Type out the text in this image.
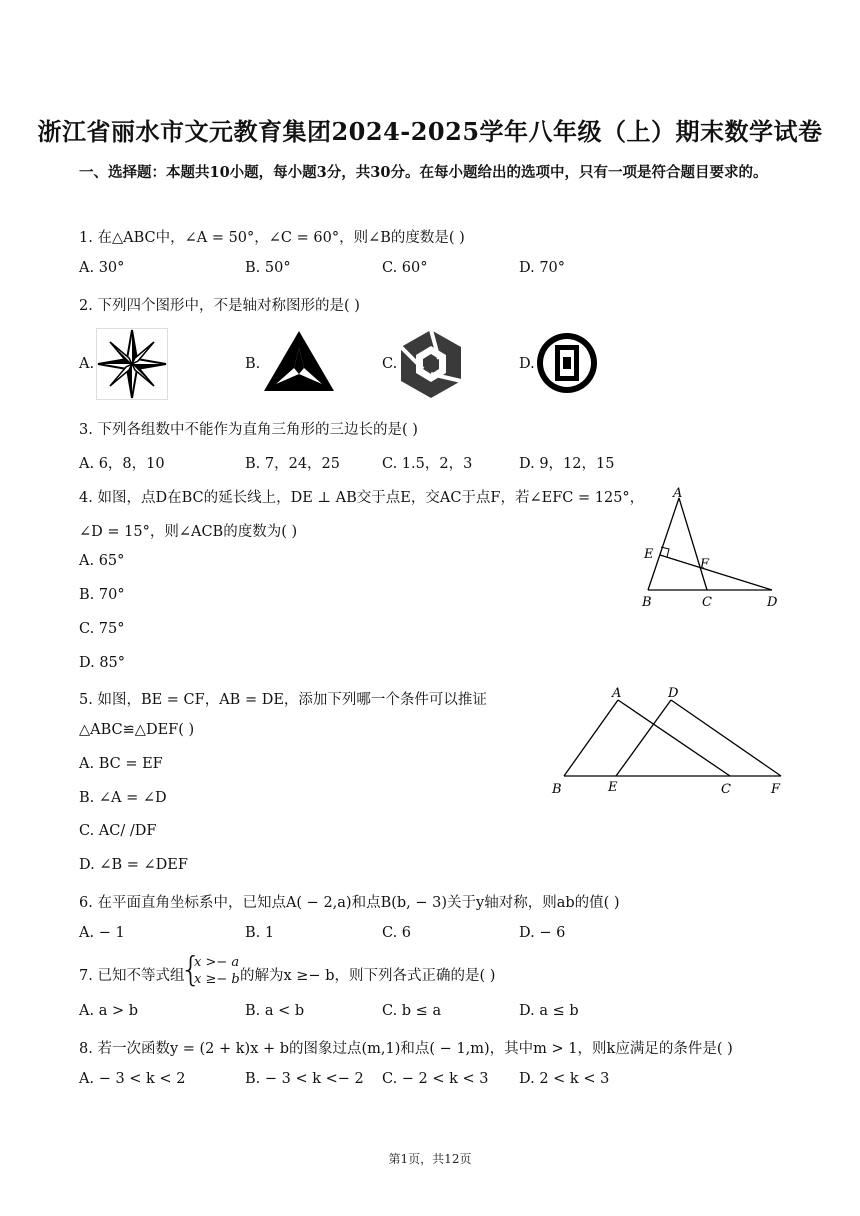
浙江省丽水市文元教育集团2024-2025学年八年级（上）期末数学试卷
一、选择题：本题共10小题，每小题3分，共30分。在每小题给出的选项中，只有一项是符合题目要求的。
1. 在△ABC中，∠A = 50°，∠C = 60°，则∠B的度数是( )
A. 30°	B. 50°	C. 60°	D. 70°
2. 下列四个图形中，不是轴对称图形的是( )
A.	B.	C.	D.
3. 下列各组数中不能作为直角三角形的三边长的是( )
A. 6，8，10	B. 7，24，25	C. 1.5，2，3	D. 9，12，15
4. 如图，点D在BC的延长线上，DE ⊥ AB交于点E，交AC于点F，若∠EFC = 125°，
∠D = 15°，则∠ACB的度数为( )
A. 65°
B. 70°
C. 75°
D. 85°
A
E
F
B	C	D
5. 如图，BE = CF，AB = DE，添加下列哪一个条件可以推证
△ABC≌△DEF( )
A. BC = EF
B. ∠A = ∠D
C. AC/ /DF
D. ∠B = ∠DEF
A	D
B	E	C	F
6. 在平面直角坐标系中，已知点A( − 2,a)和点B(b, − 3)关于y轴对称，则ab的值( )
A. − 1	B. 1	C. 6	D. − 6
7. 已知不等式组
{
x >− a
x ≥− b 的解为x ≥− b，则下列各式正确的是( )
A. a > b	B. a < b	C. b ≤ a	D. a ≤ b
8. 若一次函数y = (2 + k)x + b的图象过点(m,1)和点( − 1,m)，其中m > 1，则k应满足的条件是( )
A. − 3 < k < 2	B. − 3 < k <− 2 C. − 2 < k < 3 D. 2 < k < 3
第1页，共12页
